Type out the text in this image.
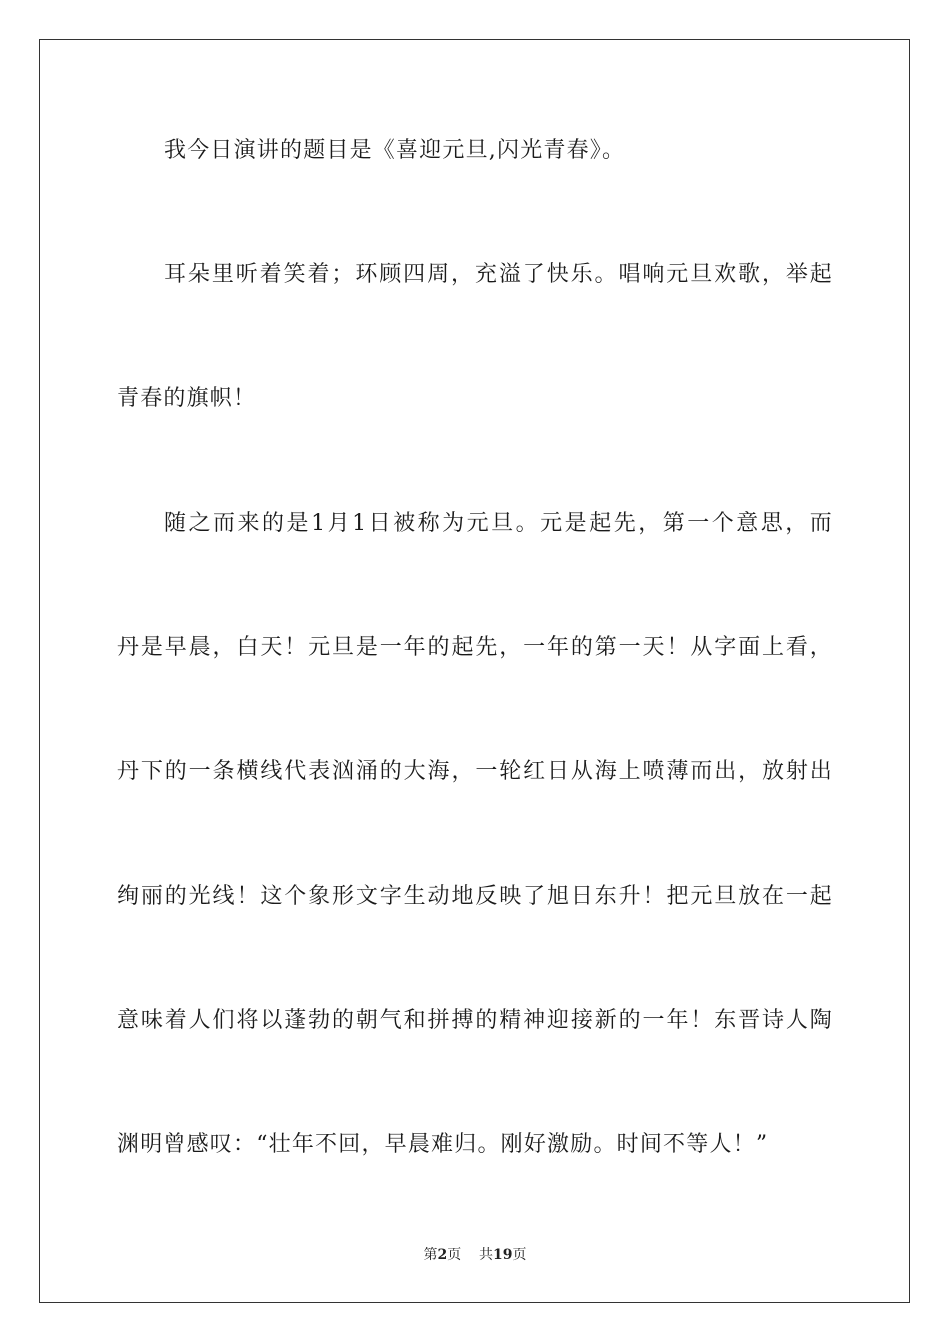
我今日演讲的题目是《喜迎元旦,闪光青春》。
耳朵里听着笑着；环顾四周，充溢了快乐。唱响元旦欢歌，举起
青春的旗帜！
随之而来的是1月1日被称为元旦。元是起先，第一个意思，而
丹是早晨，白天！元旦是一年的起先，一年的第一天！从字面上看，
丹下的一条横线代表汹涌的大海，一轮红日从海上喷薄而出，放射出
绚丽的光线！这个象形文字生动地反映了旭日东升！把元旦放在一起
意味着人们将以蓬勃的朝气和拼搏的精神迎接新的一年！东晋诗人陶
渊明曾感叹：“壮年不回，早晨难归。刚好激励。时间不等人！”
第2页 共19页
